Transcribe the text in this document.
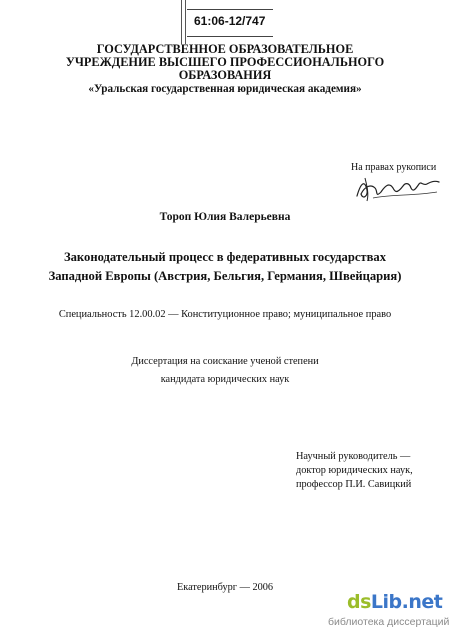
61:06-12/747
ГОСУДАРСТВЕННОЕ ОБРАЗОВАТЕЛЬНОЕ
УЧРЕЖДЕНИЕ ВЫСШЕГО ПРОФЕССИОНАЛЬНОГО
ОБРАЗОВАНИЯ
«Уральская государственная юридическая академия»
На правах рукописи
Тороп Юлия Валерьевна
Законодательный процесс в федеративных государствах
Западной Европы (Австрия, Бельгия, Германия, Швейцария)
Специальность 12.00.02 — Конституционное право; муниципальное право
Диссертация на соискание ученой степени
кандидата юридических наук
Научный руководитель —
доктор юридических наук,
профессор П.И. Савицкий
Екатеринбург — 2006
dsLib.net
библиотека диссертаций
